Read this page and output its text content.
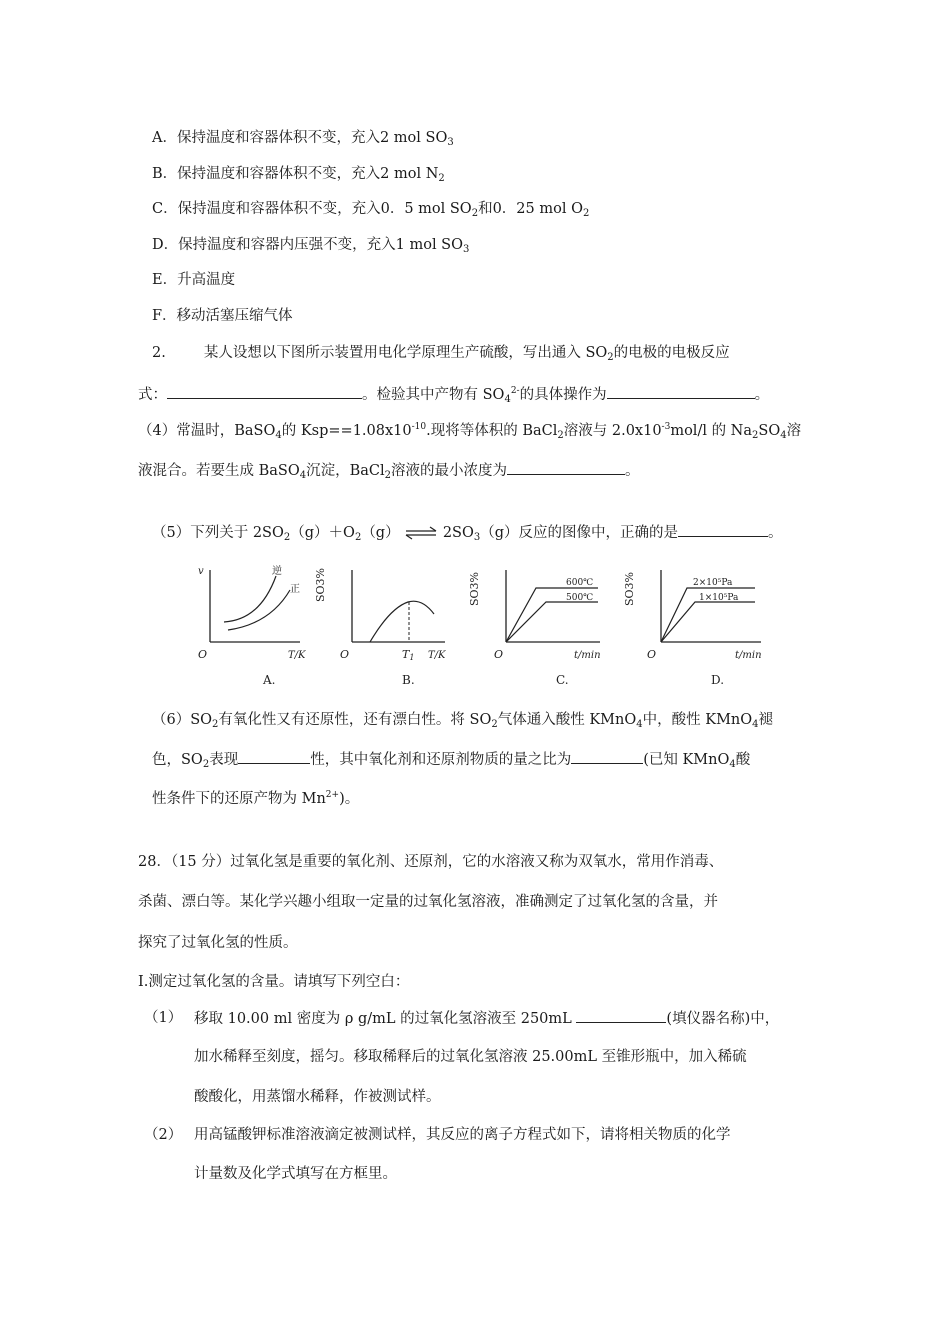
A．保持温度和容器体积不变，充入2 mol $SO_3$
B．保持温度和容器体积不变，充入2 mol $N_2$
C．保持温度和容器体积不变，充入0．5 mol $SO_2$和0．25 mol $O_2$
D．保持温度和容器内压强不变，充入1 mol $SO_3$
E．升高温度
F．移动活塞压缩气体
2.	某人设想以下图所示装置用电化学原理生产硫酸，写出通入 $SO_2$的电极的电极反应
式：	。检验其中产物有 $SO_4^{2-}$的具体操作为	。
（4）常温时，BaSO$_4$的 $Ksp==1.08x10^{-10}$.现将等体积的 BaCl$_2$溶液与 $2.0x10^{-3}mol/l$ 的 $Na_2SO_4$溶
液混合。若要生成 BaSO$_4$沉淀，BaCl$_2$溶液的最小浓度为	。
（5）下列关于 $2SO_2(g)+O_2(g)$ ⇌ $2SO_3(g)$反应的图像中，正确的是	。
v	逆
正
O	T/K
A.
SO3%
O	T1 T/K
B.
SO3%	600℃
500℃
O	t/min
C.
SO3%	2×10⁵Pa
1×10⁵Pa
O	t/min
D.
$(6)SO_2$有氧化性又有还原性，还有漂白性。将 $SO_2$气体通入酸性 KMnO$_4$中，酸性 KMnO$_4$褪
色，$SO_2$表现	性，其中氧化剂和还原剂物质的量之比为	(已知 KMnO$_4$酸
性条件下的还原产物为 $Mn^{2+}$)。
28．（15 分）过氧化氢是重要的氧化剂、还原剂，它的水溶液又称为双氧水，常用作消毒、
杀菌、漂白等。某化学兴趣小组取一定量的过氧化氢溶液，准确测定了过氧化氢的含量，并
探究了过氧化氢的性质。
Ⅰ.测定过氧化氢的含量。请填写下列空白：
（1） 移取 10.00 ml 密度为 ρ g/mL 的过氧化氢溶液至 250mL	(填仪器名称)中，
加水稀释至刻度，摇匀。移取稀释后的过氧化氢溶液 25.00mL 至锥形瓶中，加入稀硫
酸酸化，用蒸馏水稀释，作被测试样。
（2） 用高锰酸钾标准溶液滴定被测试样，其反应的离子方程式如下，请将相关物质的化学
计量数及化学式填写在方框里。
